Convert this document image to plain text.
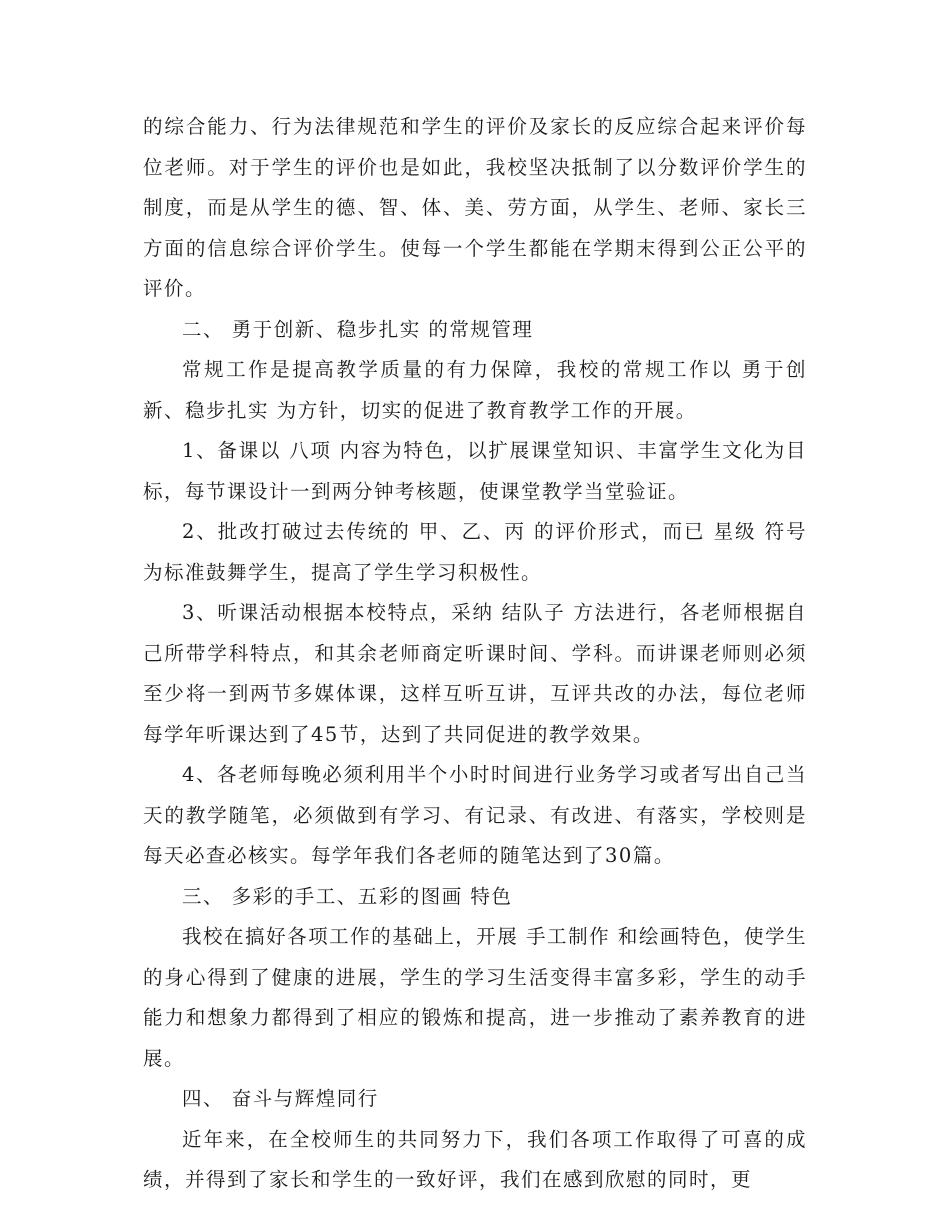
的综合能力、行为法律规范和学生的评价及家长的反应综合起来评价每位老师。对于学生的评价也是如此，我校坚决抵制了以分数评价学生的制度，而是从学生的德、智、体、美、劳方面，从学生、老师、家长三方面的信息综合评价学生。使每一个学生都能在学期末得到公正公平的评价。

二、 勇于创新、稳步扎实 的常规管理

常规工作是提高教学质量的有力保障，我校的常规工作以 勇于创新、稳步扎实 为方针，切实的促进了教育教学工作的开展。

1、备课以 八项 内容为特色，以扩展课堂知识、丰富学生文化为目标，每节课设计一到两分钟考核题，使课堂教学当堂验证。

2、批改打破过去传统的 甲、乙、丙 的评价形式，而已 星级 符号为标准鼓舞学生，提高了学生学习积极性。

3、听课活动根据本校特点，采纳 结队子 方法进行，各老师根据自己所带学科特点，和其余老师商定听课时间、学科。而讲课老师则必须至少将一到两节多媒体课，这样互听互讲，互评共改的办法，每位老师每学年听课达到了45节，达到了共同促进的教学效果。

4、各老师每晚必须利用半个小时时间进行业务学习或者写出自己当天的教学随笔，必须做到有学习、有记录、有改进、有落实，学校则是每天必查必核实。每学年我们各老师的随笔达到了30篇。

三、 多彩的手工、五彩的图画 特色

我校在搞好各项工作的基础上，开展 手工制作 和绘画特色，使学生的身心得到了健康的进展，学生的学习生活变得丰富多彩，学生的动手能力和想象力都得到了相应的锻炼和提高，进一步推动了素养教育的进展。

四、 奋斗与辉煌同行

近年来，在全校师生的共同努力下，我们各项工作取得了可喜的成绩，并得到了家长和学生的一致好评，我们在感到欣慰的同时，更
